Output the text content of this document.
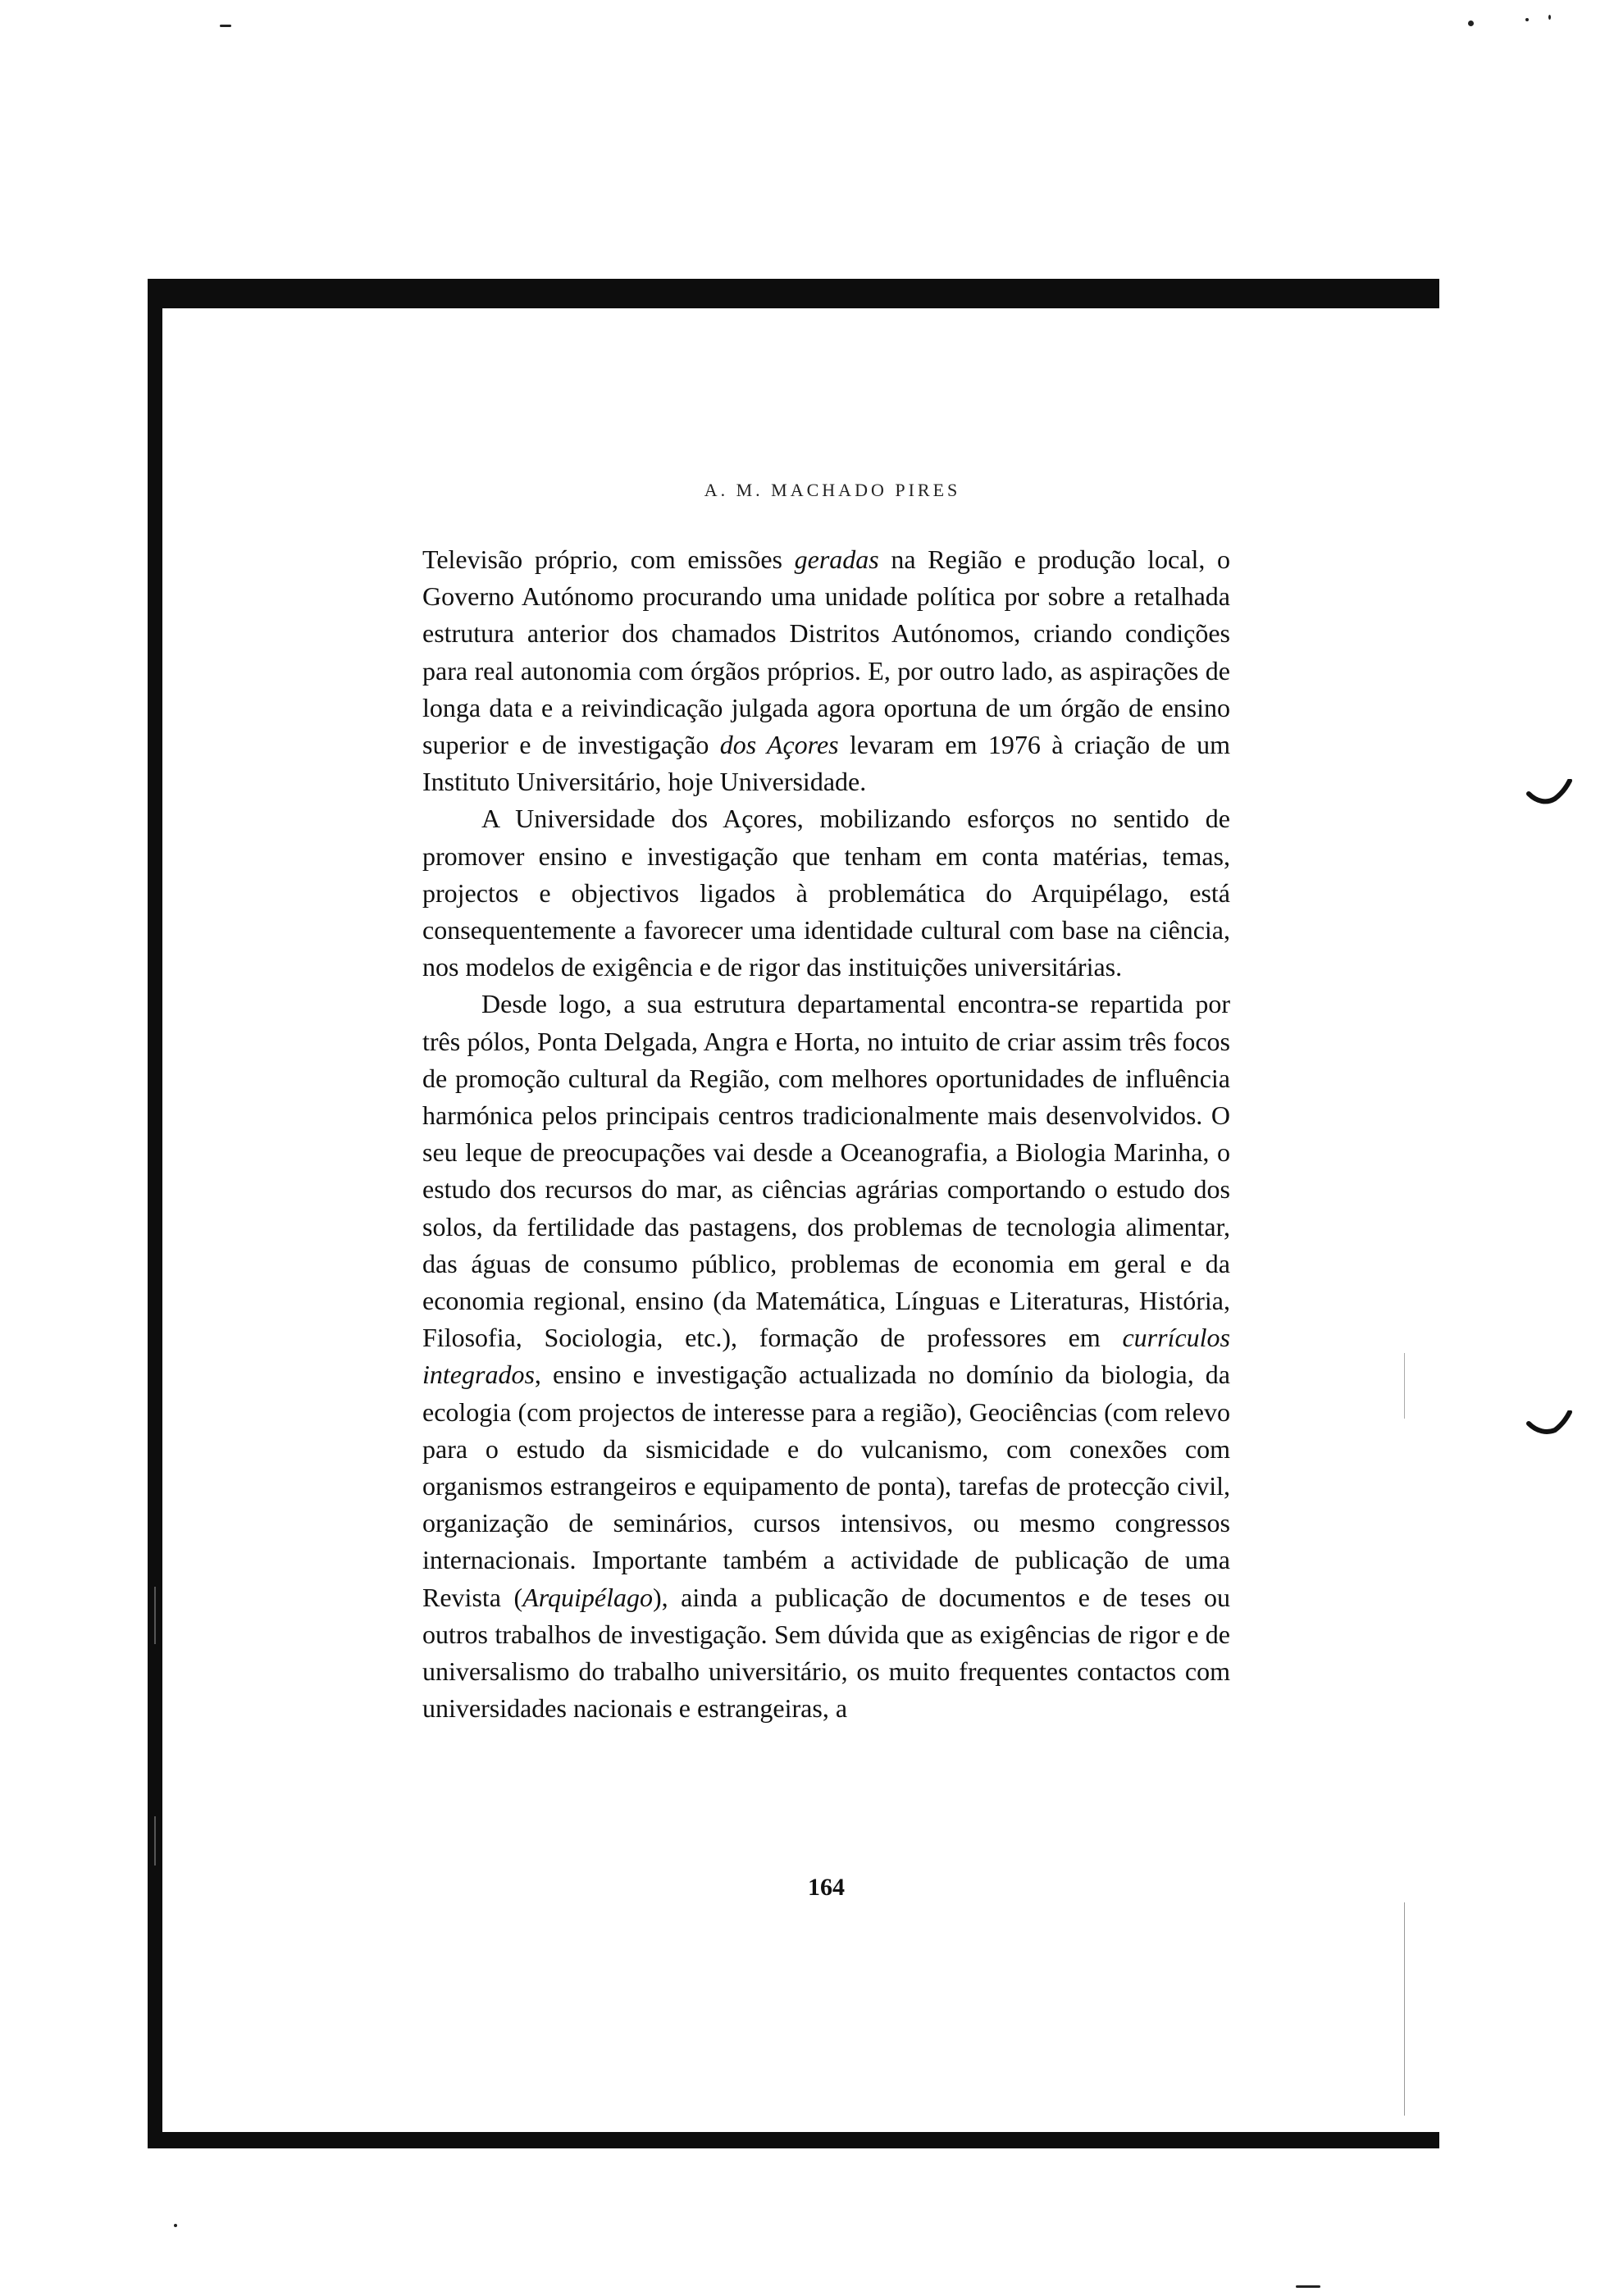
A. M. MACHADO PIRES

Televisão próprio, com emissões geradas na Região e produção local, o Governo Autónomo procurando uma unidade política por sobre a retalhada estrutura anterior dos chamados Distritos Autónomos, criando condições para real autonomia com órgãos próprios. E, por outro lado, as aspirações de longa data e a reivindicação julgada agora oportuna de um órgão de ensino superior e de investigação dos Açores levaram em 1976 à criação de um Instituto Universitário, hoje Universidade.

A Universidade dos Açores, mobilizando esforços no sentido de promover ensino e investigação que tenham em conta matérias, temas, projectos e objectivos ligados à problemática do Arquipélago, está consequentemente a favorecer uma identidade cultural com base na ciência, nos modelos de exigência e de rigor das instituições universitárias.

Desde logo, a sua estrutura departamental encontra-se repartida por três pólos, Ponta Delgada, Angra e Horta, no intuito de criar assim três focos de promoção cultural da Região, com melhores oportunidades de influência harmónica pelos principais centros tradicionalmente mais desenvolvidos. O seu leque de preocupações vai desde a Oceanografia, a Biologia Marinha, o estudo dos recursos do mar, as ciências agrárias comportando o estudo dos solos, da fertilidade das pastagens, dos problemas de tecnologia alimentar, das águas de consumo público, problemas de economia em geral e da economia regional, ensino (da Matemática, Línguas e Literaturas, História, Filosofia, Sociologia, etc.), formação de professores em currículos integrados, ensino e investigação actualizada no domínio da biologia, da ecologia (com projectos de interesse para a região), Geociências (com relevo para o estudo da sismicidade e do vulcanismo, com conexões com organismos estrangeiros e equipamento de ponta), tarefas de protecção civil, organização de seminários, cursos intensivos, ou mesmo congressos internacionais. Importante também a actividade de publicação de uma Revista (Arquipélago), ainda a publicação de documentos e de teses ou outros trabalhos de investigação. Sem dúvida que as exigências de rigor e de universalismo do trabalho universitário, os muito frequentes contactos com universidades nacionais e estrangeiras, a

164
